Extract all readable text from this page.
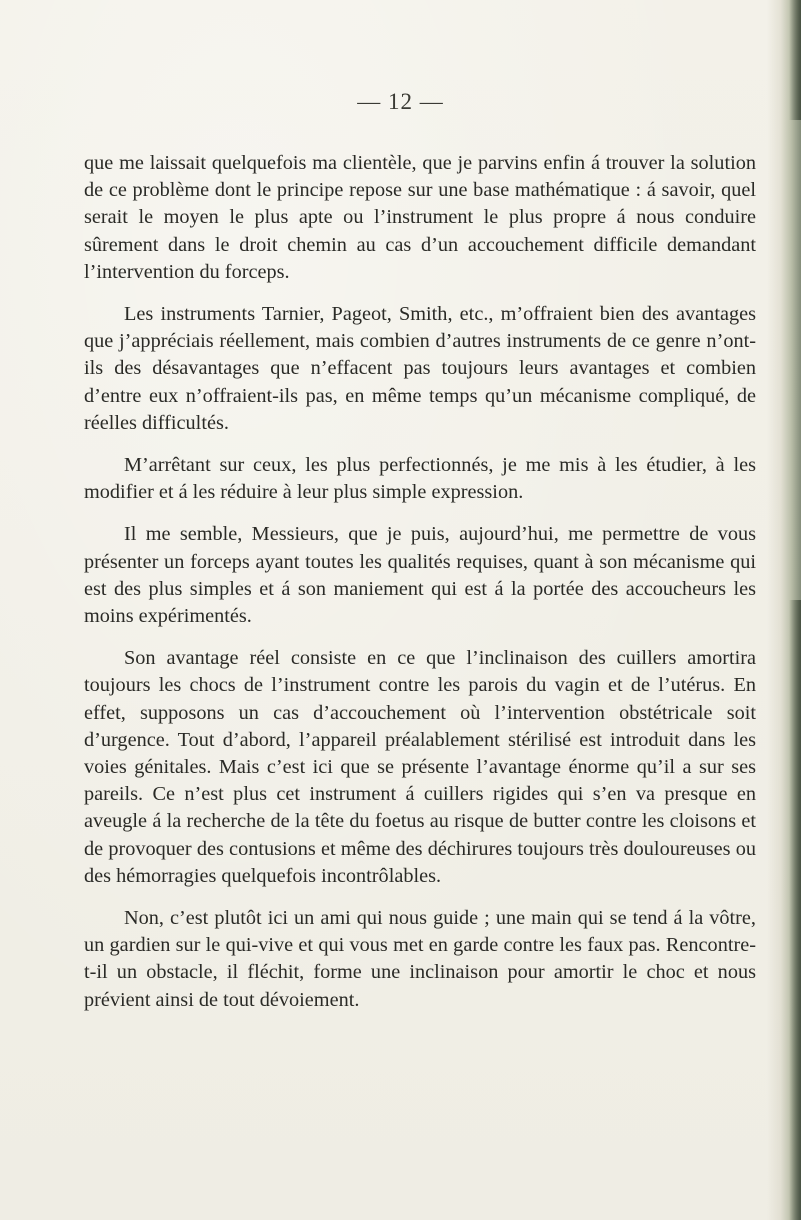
— 12 —

que me laissait quelquefois ma clientèle, que je parvins enfin á trouver la solution de ce problème dont le principe repose sur une base mathématique : á savoir, quel serait le moyen le plus apte ou l’instrument le plus propre á nous conduire sûrement dans le droit chemin au cas d’un accouchement difficile demandant l’intervention du forceps.

Les instruments Tarnier, Pageot, Smith, etc., m’offraient bien des avantages que j’appréciais réellement, mais combien d’autres instruments de ce genre n’ont-ils des désavantages que n’effacent pas toujours leurs avantages et combien d’entre eux n’offraient-ils pas, en même temps qu’un mécanisme compliqué, de réelles difficultés.

M’arrêtant sur ceux, les plus perfectionnés, je me mis à les étudier, à les modifier et á les réduire à leur plus simple expression.

Il me semble, Messieurs, que je puis, aujourd’hui, me permettre de vous présenter un forceps ayant toutes les qualités requises, quant à son mécanisme qui est des plus simples et á son maniement qui est á la portée des accoucheurs les moins expérimentés.

Son avantage réel consiste en ce que l’inclinaison des cuillers amortira toujours les chocs de l’instrument contre les parois du vagin et de l’utérus. En effet, supposons un cas d’accouchement où l’intervention obstétricale soit d’urgence. Tout d’abord, l’appareil préalablement stérilisé est introduit dans les voies génitales. Mais c’est ici que se présente l’avantage énorme qu’il a sur ses pareils. Ce n’est plus cet instrument á cuillers rigides qui s’en va presque en aveugle á la recherche de la tête du foetus au risque de butter contre les cloisons et de provoquer des contusions et même des déchirures toujours très douloureuses ou des hémorragies quelquefois incontrôlables.

Non, c’est plutôt ici un ami qui nous guide ; une main qui se tend á la vôtre, un gardien sur le qui-vive et qui vous met en garde contre les faux pas. Rencontre-t-il un obstacle, il fléchit, forme une inclinaison pour amortir le choc et nous prévient ainsi de tout dévoiement.
